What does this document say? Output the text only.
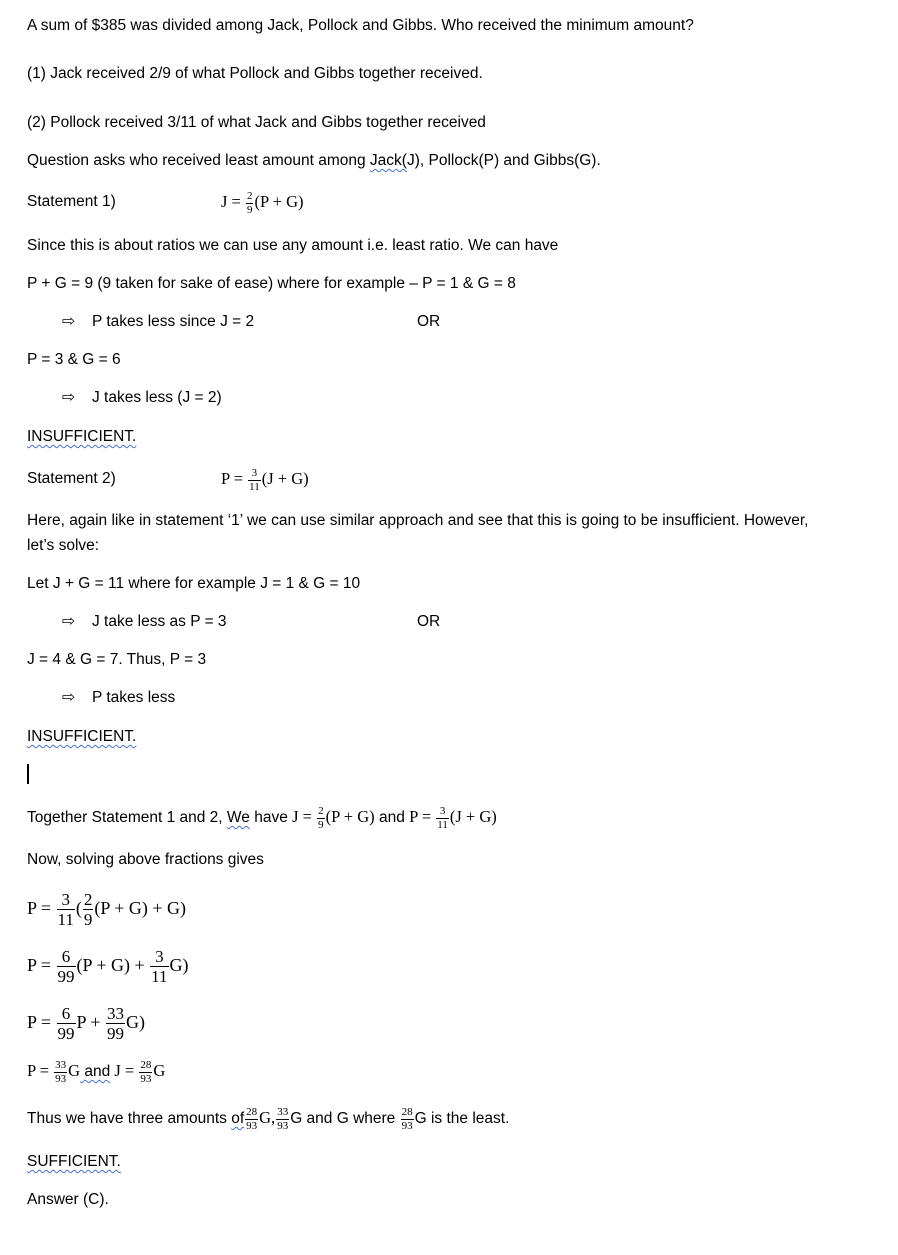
A sum of $385 was divided among Jack, Pollock and Gibbs. Who received the minimum amount?
(1) Jack received 2/9 of what Pollock and Gibbs together received.
(2) Pollock received 3/11 of what Jack and Gibbs together received
Question asks who received least amount among Jack(J), Pollock(P) and Gibbs(G).
Statement 1)	$J = \frac{2}{9} (P + G)$
Since this is about ratios we can use any amount i.e. least ratio. We can have
P + G = 9 (9 taken for sake of ease) where for example – P = 1 & G = 8
⇨ P takes less since J = 2	OR
P = 3 & G = 6
⇨ J takes less (J = 2)
INSUFFICIENT.
Statement 2)	$P = \frac{3}{11} (J + G)$
Here, again like in statement ‘1’ we can use similar approach and see that this is going to be insufficient. However,
let’s solve:
Let J + G = 11 where for example J = 1 & G = 10
⇨ J take less as P = 3	OR
J = 4 & G = 7. Thus, P = 3
⇨ P takes less
INSUFFICIENT.
Together Statement 1 and 2, We have $J = \frac{2}{9} (P + G)$ and $P = \frac{3}{11} (J + G)$
Now, solving above fractions gives
$P = \frac{3}{11}$ ( $\frac{2}{9} (P + G) + G$)
$P = \frac{6}{99} (P + G) + \frac{3}{11} G$)
$P = \frac{6}{99}$ $P + \frac{33}{99} G$)
$P = \frac{33}{93}$ G and $J = \frac{28}{93}$ G
Thus we have three amounts of $\frac{28}{93} G$, $\frac{33}{93}$ G and G where $\frac{28}{93}$ G is the least.
SUFFICIENT.
Answer (C).
